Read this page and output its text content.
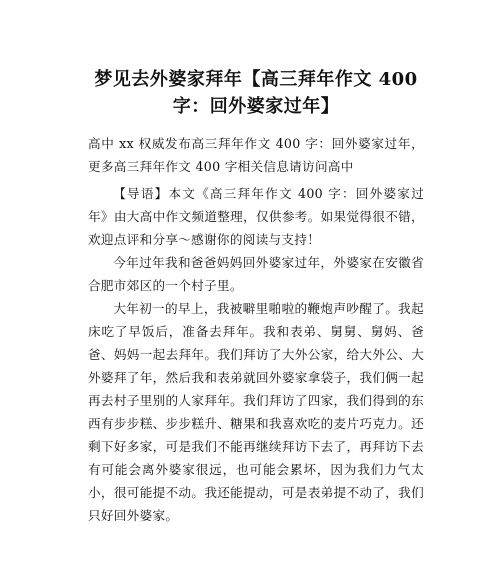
梦见去外婆家拜年【高三拜年作文 400
字：回外婆家过年】

高中 xx 权威发布高三拜年作文 400 字：回外婆家过年，更多高三拜年作文 400 字相关信息请访问高中

【导语】本文《高三拜年作文 400 字：回外婆家过年》由大高中作文频道整理，仅供参考。如果觉得很不错，欢迎点评和分享～感谢你的阅读与支持！

今年过年我和爸爸妈妈回外婆家过年，外婆家在安徽省合肥市郊区的一个村子里。

大年初一的早上，我被噼里啪啦的鞭炮声吵醒了。我起床吃了早饭后，准备去拜年。我和表弟、舅舅、舅妈、爸爸、妈妈一起去拜年。我们拜访了大外公家，给大外公、大外婆拜了年，然后我和表弟就回外婆家拿袋子，我们俩一起再去村子里别的人家拜年。我们拜访了四家，我们得到的东西有步步糕、步步糕升、糖果和我喜欢吃的麦片巧克力。还剩下好多家，可是我们不能再继续拜访下去了，再拜访下去有可能会离外婆家很远，也可能会累坏，因为我们力气太小，很可能提不动。我还能提动，可是表弟提不动了，我们只好回外婆家。
